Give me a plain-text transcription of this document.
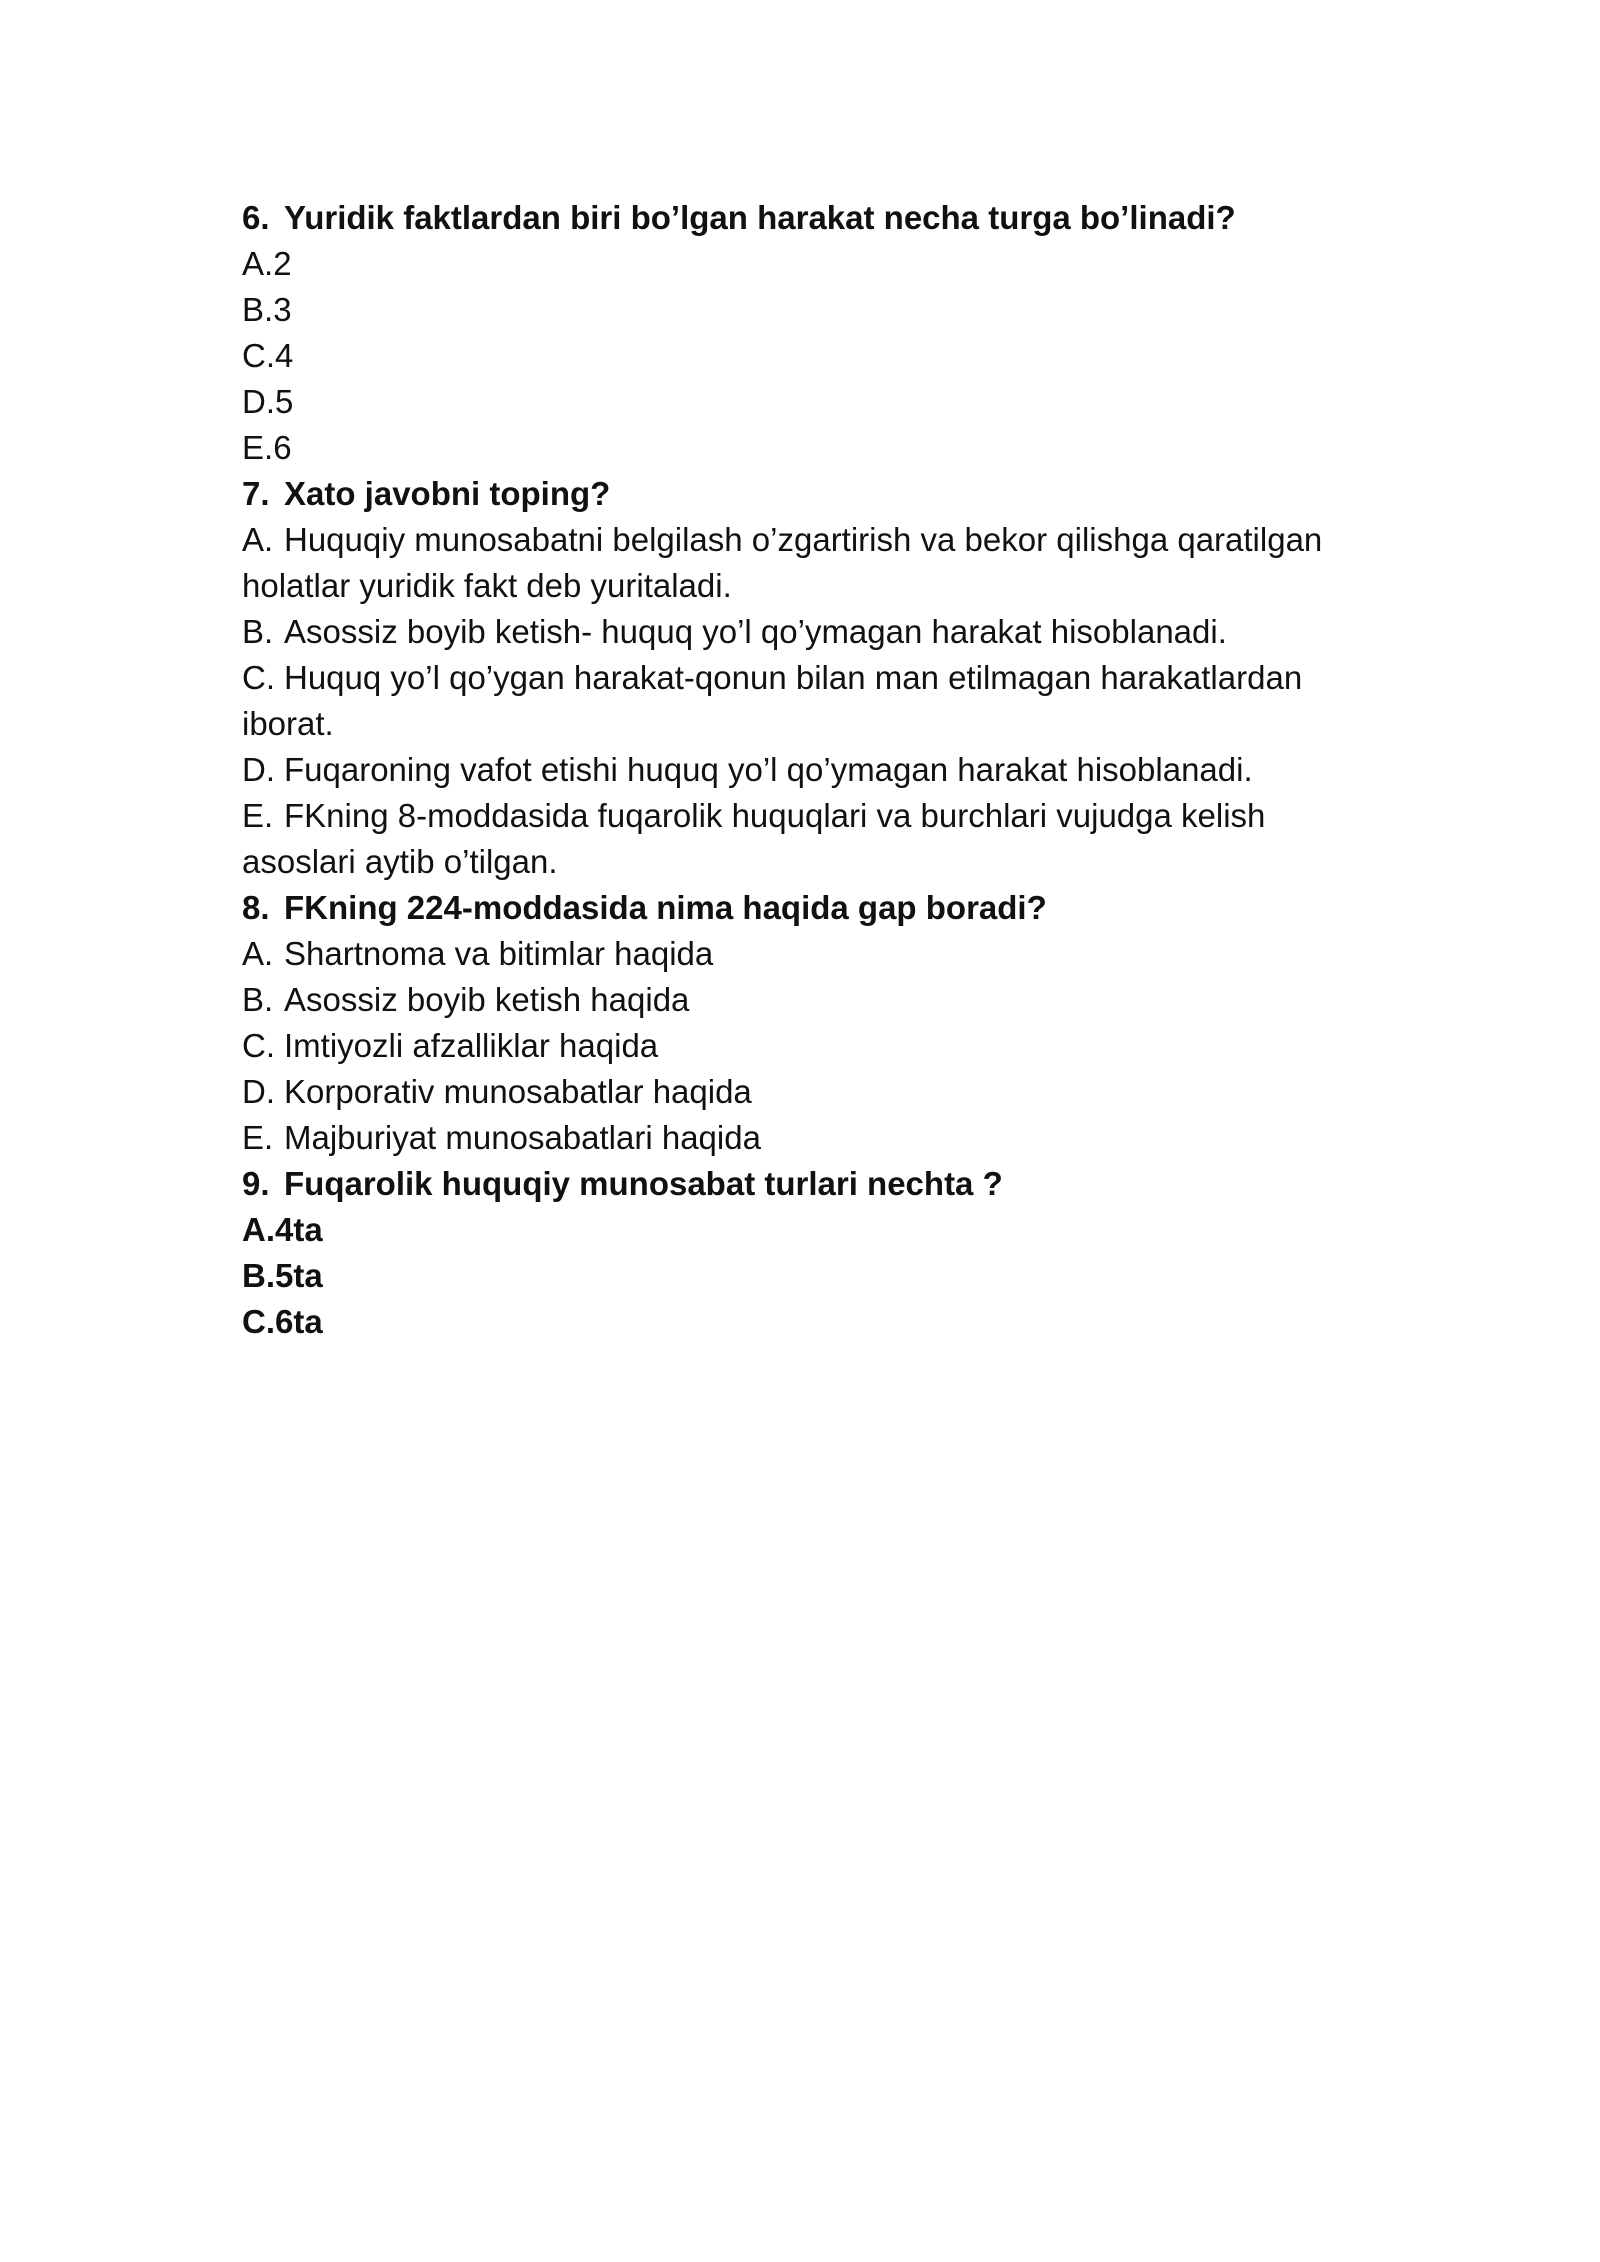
6. Yuridik faktlardan biri bo’lgan harakat necha turga bo’linadi?

A.2

B.3

C.4

D.5

E.6

7. Xato javobni toping?

A. Huquqiy munosabatni belgilash o’zgartirish va bekor qilishga qaratilgan holatlar yuridik fakt deb yuritaladi.

B. Asossiz boyib ketish- huquq yo’l qo’ymagan harakat hisoblanadi.

C. Huquq yo’l qo’ygan harakat-qonun bilan man etilmagan harakatlardan iborat.

D. Fuqaroning vafot etishi huquq yo’l qo’ymagan harakat hisoblanadi.

E. FKning 8-moddasida fuqarolik huquqlari va burchlari vujudga kelish asoslari aytib o’tilgan.

8. FKning 224-moddasida nima haqida gap boradi?

A. Shartnoma va bitimlar haqida

B. Asossiz boyib ketish haqida

C. Imtiyozli afzalliklar haqida

D. Korporativ munosabatlar haqida

E. Majburiyat munosabatlari haqida

9. Fuqarolik huquqiy munosabat turlari nechta ?

A.4ta

B.5ta

C.6ta
